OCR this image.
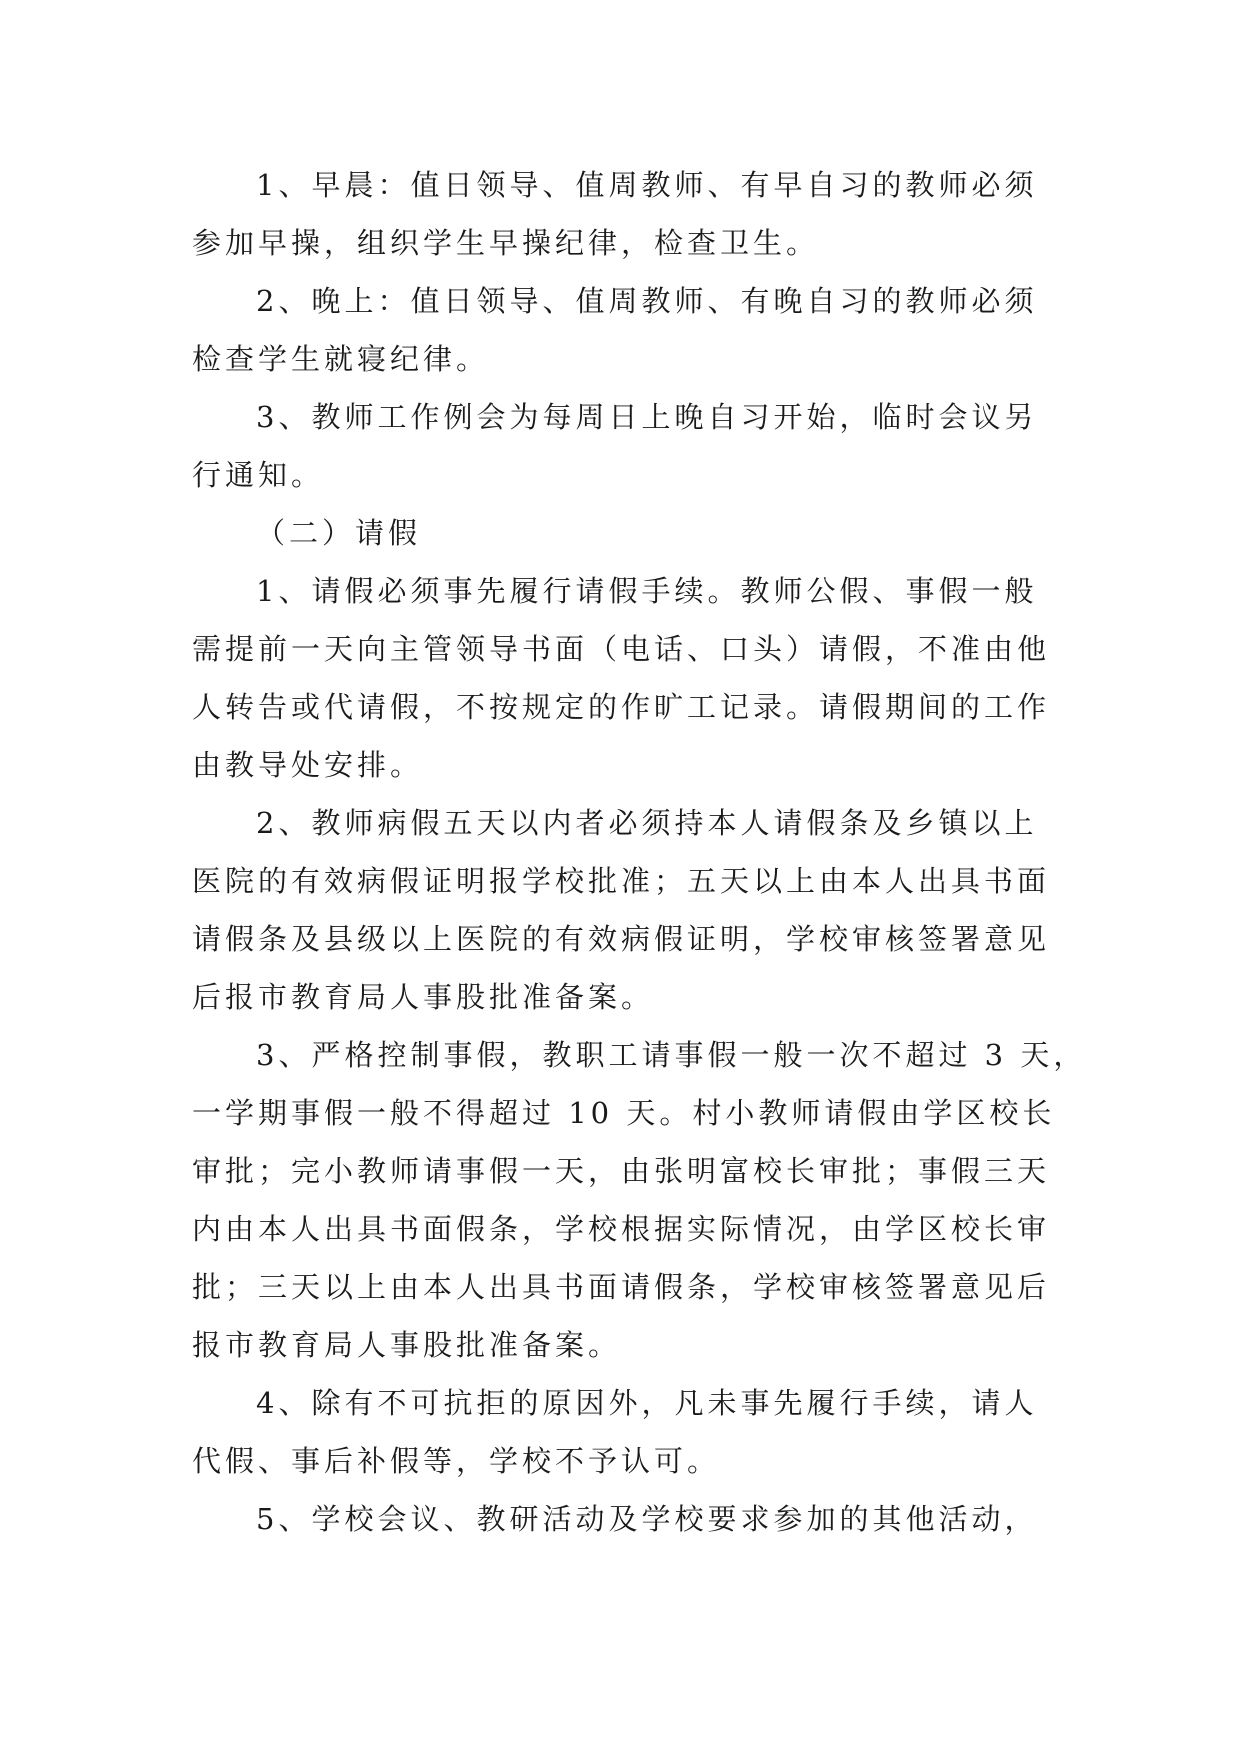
1、早晨：值日领导、值周教师、有早自习的教师必须
参加早操，组织学生早操纪律，检查卫生。
2、晚上：值日领导、值周教师、有晚自习的教师必须
检查学生就寝纪律。
3、教师工作例会为每周日上晚自习开始，临时会议另
行通知。
（二）请假
1、请假必须事先履行请假手续。教师公假、事假一般
需提前一天向主管领导书面（电话、口头）请假，不准由他
人转告或代请假，不按规定的作旷工记录。请假期间的工作
由教导处安排。
2、教师病假五天以内者必须持本人请假条及乡镇以上
医院的有效病假证明报学校批准；五天以上由本人出具书面
请假条及县级以上医院的有效病假证明，学校审核签署意见
后报市教育局人事股批准备案。
3、严格控制事假，教职工请事假一般一次不超过 3 天，
一学期事假一般不得超过 10 天。村小教师请假由学区校长
审批；完小教师请事假一天，由张明富校长审批；事假三天
内由本人出具书面假条，学校根据实际情况，由学区校长审
批；三天以上由本人出具书面请假条，学校审核签署意见后
报市教育局人事股批准备案。
4、除有不可抗拒的原因外，凡未事先履行手续，请人
代假、事后补假等，学校不予认可。
5、学校会议、教研活动及学校要求参加的其他活动，
